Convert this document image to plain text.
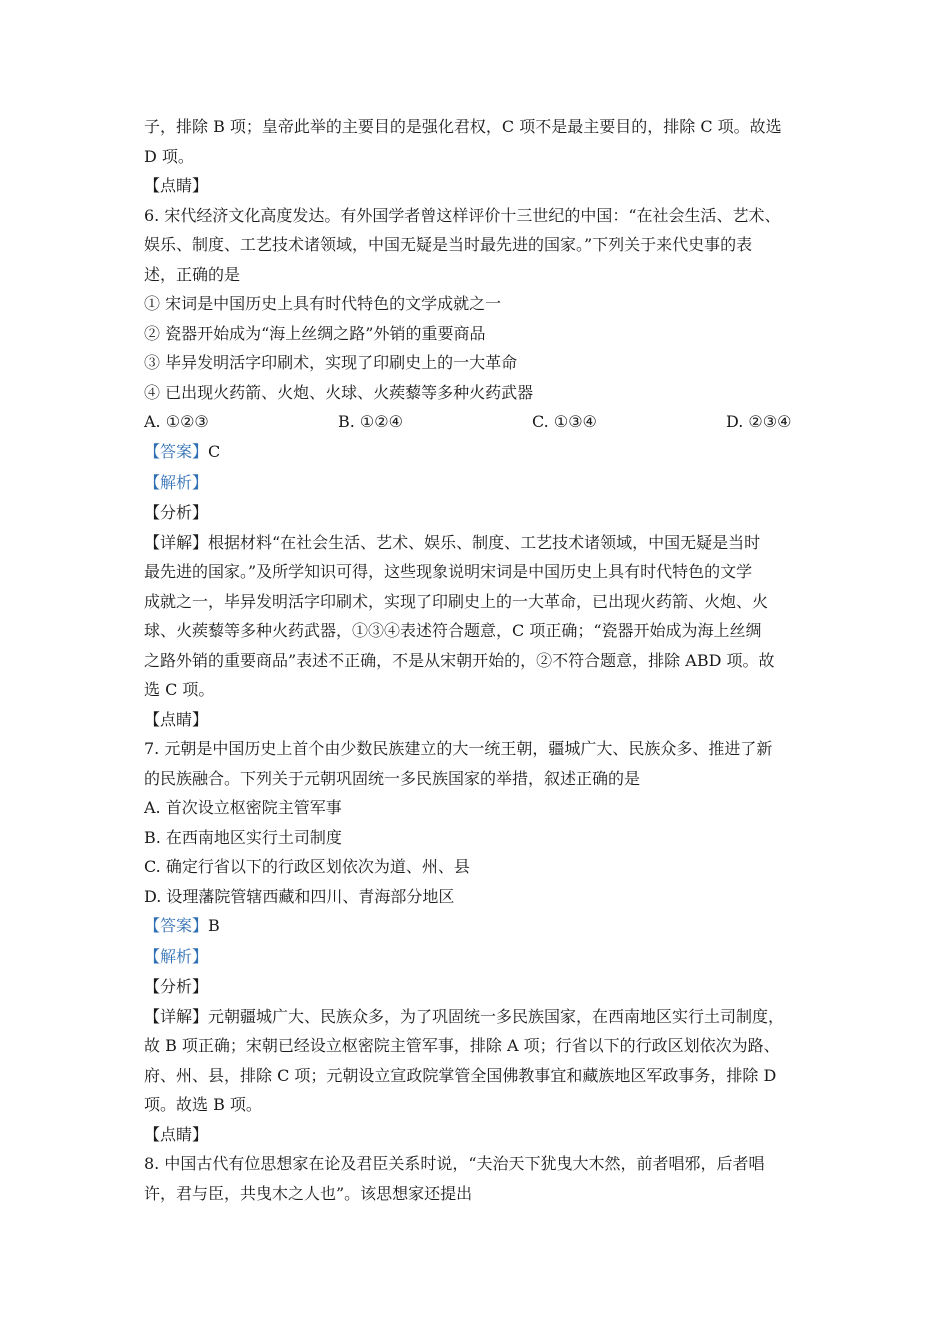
子，排除 B 项；皇帝此举的主要目的是强化君权，C 项不是最主要目的，排除 C 项。故选
D 项。
【点睛】
6. 宋代经济文化高度发达。有外国学者曾这样评价十三世纪的中国：“在社会生活、艺术、
娱乐、制度、工艺技术诸领域，中国无疑是当时最先进的国家。”下列关于来代史事的表
述，正确的是
① 宋词是中国历史上具有时代特色的文学成就之一
② 瓷器开始成为“海上丝绸之路”外销的重要商品
③ 毕异发明活字印刷术，实现了印刷史上的一大革命
④ 已出现火药箭、火炮、火球、火蒺藜等多种火药武器
A. ①②③	B. ①②④	C. ①③④	D. ②③④
【答案】C
【解析】
【分析】
【详解】根据材料“在社会生活、艺术、娱乐、制度、工艺技术诸领域，中国无疑是当时
最先进的国家。”及所学知识可得，这些现象说明宋词是中国历史上具有时代特色的文学
成就之一，毕异发明活字印刷术，实现了印刷史上的一大革命，已出现火药箭、火炮、火
球、火蒺藜等多种火药武器，①③④表述符合题意，C 项正确；“瓷器开始成为海上丝绸
之路外销的重要商品”表述不正确，不是从宋朝开始的，②不符合题意，排除 ABD 项。故
选 C 项。
【点睛】
7. 元朝是中国历史上首个由少数民族建立的大一统王朝，疆城广大、民族众多、推进了新
的民族融合。下列关于元朝巩固统一多民族国家的举措，叙述正确的是
A. 首次设立枢密院主管军事
B. 在西南地区实行土司制度
C. 确定行省以下的行政区划依次为道、州、县
D. 设理藩院管辖西藏和四川、青海部分地区
【答案】B
【解析】
【分析】
【详解】元朝疆城广大、民族众多，为了巩固统一多民族国家，在西南地区实行土司制度，
故 B 项正确；宋朝已经设立枢密院主管军事，排除 A 项；行省以下的行政区划依次为路、
府、州、县，排除 C 项；元朝设立宣政院掌管全国佛教事宜和藏族地区军政事务，排除 D
项。故选 B 项。
【点睛】
8. 中国古代有位思想家在论及君臣关系时说，“夫治天下犹曳大木然，前者唱邪，后者唱
许，君与臣，共曳木之人也”。该思想家还提出
